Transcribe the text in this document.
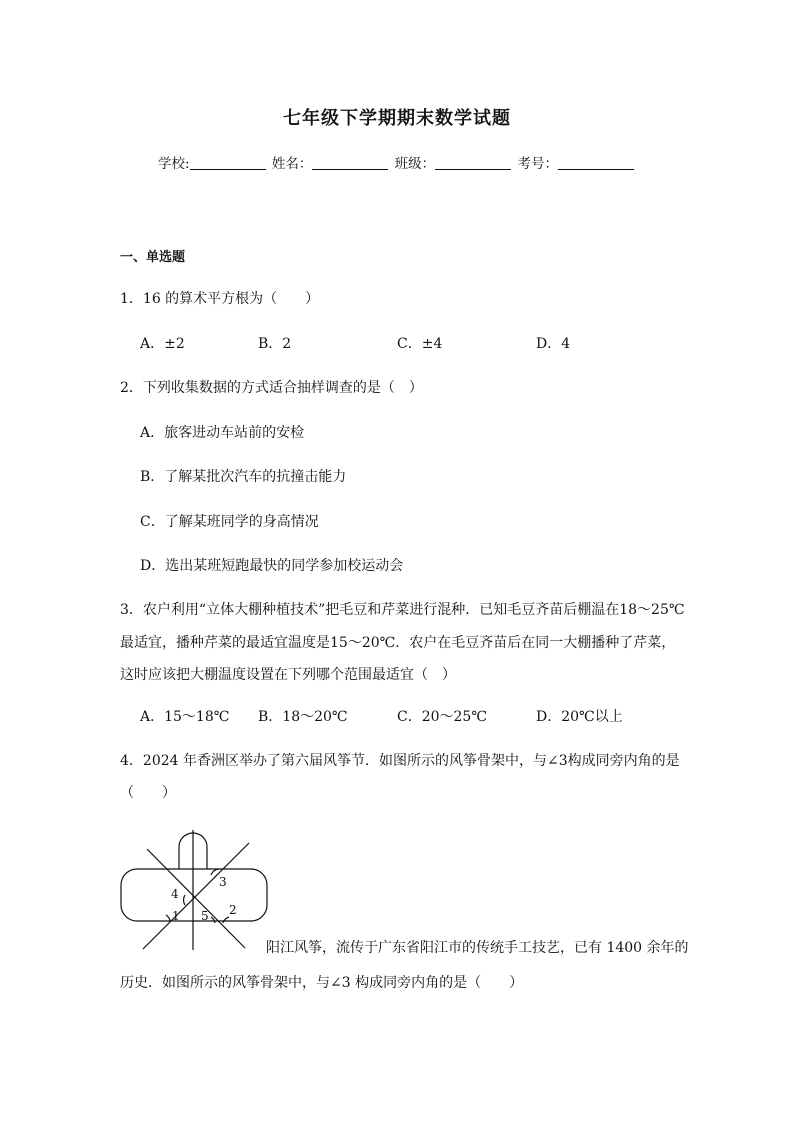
七年级下学期期末数学试题
学校:	姓名：	班级：	考号：
一、单选题
1．16 的算术平方根为（　　）
A．±2	B．2	C．±4	D．4
2．下列收集数据的方式适合抽样调查的是（　）
A．旅客进动车站前的安检
B．了解某批次汽车的抗撞击能力
C．了解某班同学的身高情况
D．选出某班短跑最快的同学参加校运动会
3．农户利用“立体大棚种植技术”把毛豆和芹菜进行混种．已知毛豆齐苗后棚温在18～25℃
最适宜，播种芹菜的最适宜温度是15～20℃．农户在毛豆齐苗后在同一大棚播种了芹菜，
这时应该把大棚温度设置在下列哪个范围最适宜（　）
A．15～18℃ B．18～20℃	C．20～25℃	D．20℃以上
4．2024 年香洲区举办了第六届风筝节．如图所示的风筝骨架中，与∠3构成同旁内角的是
（　　）
3
4
1 5 2
阳江风筝，流传于广东省阳江市的传统手工技艺，已有 1400 余年的
历史．如图所示的风筝骨架中，与∠3 构成同旁内角的是（　　）
